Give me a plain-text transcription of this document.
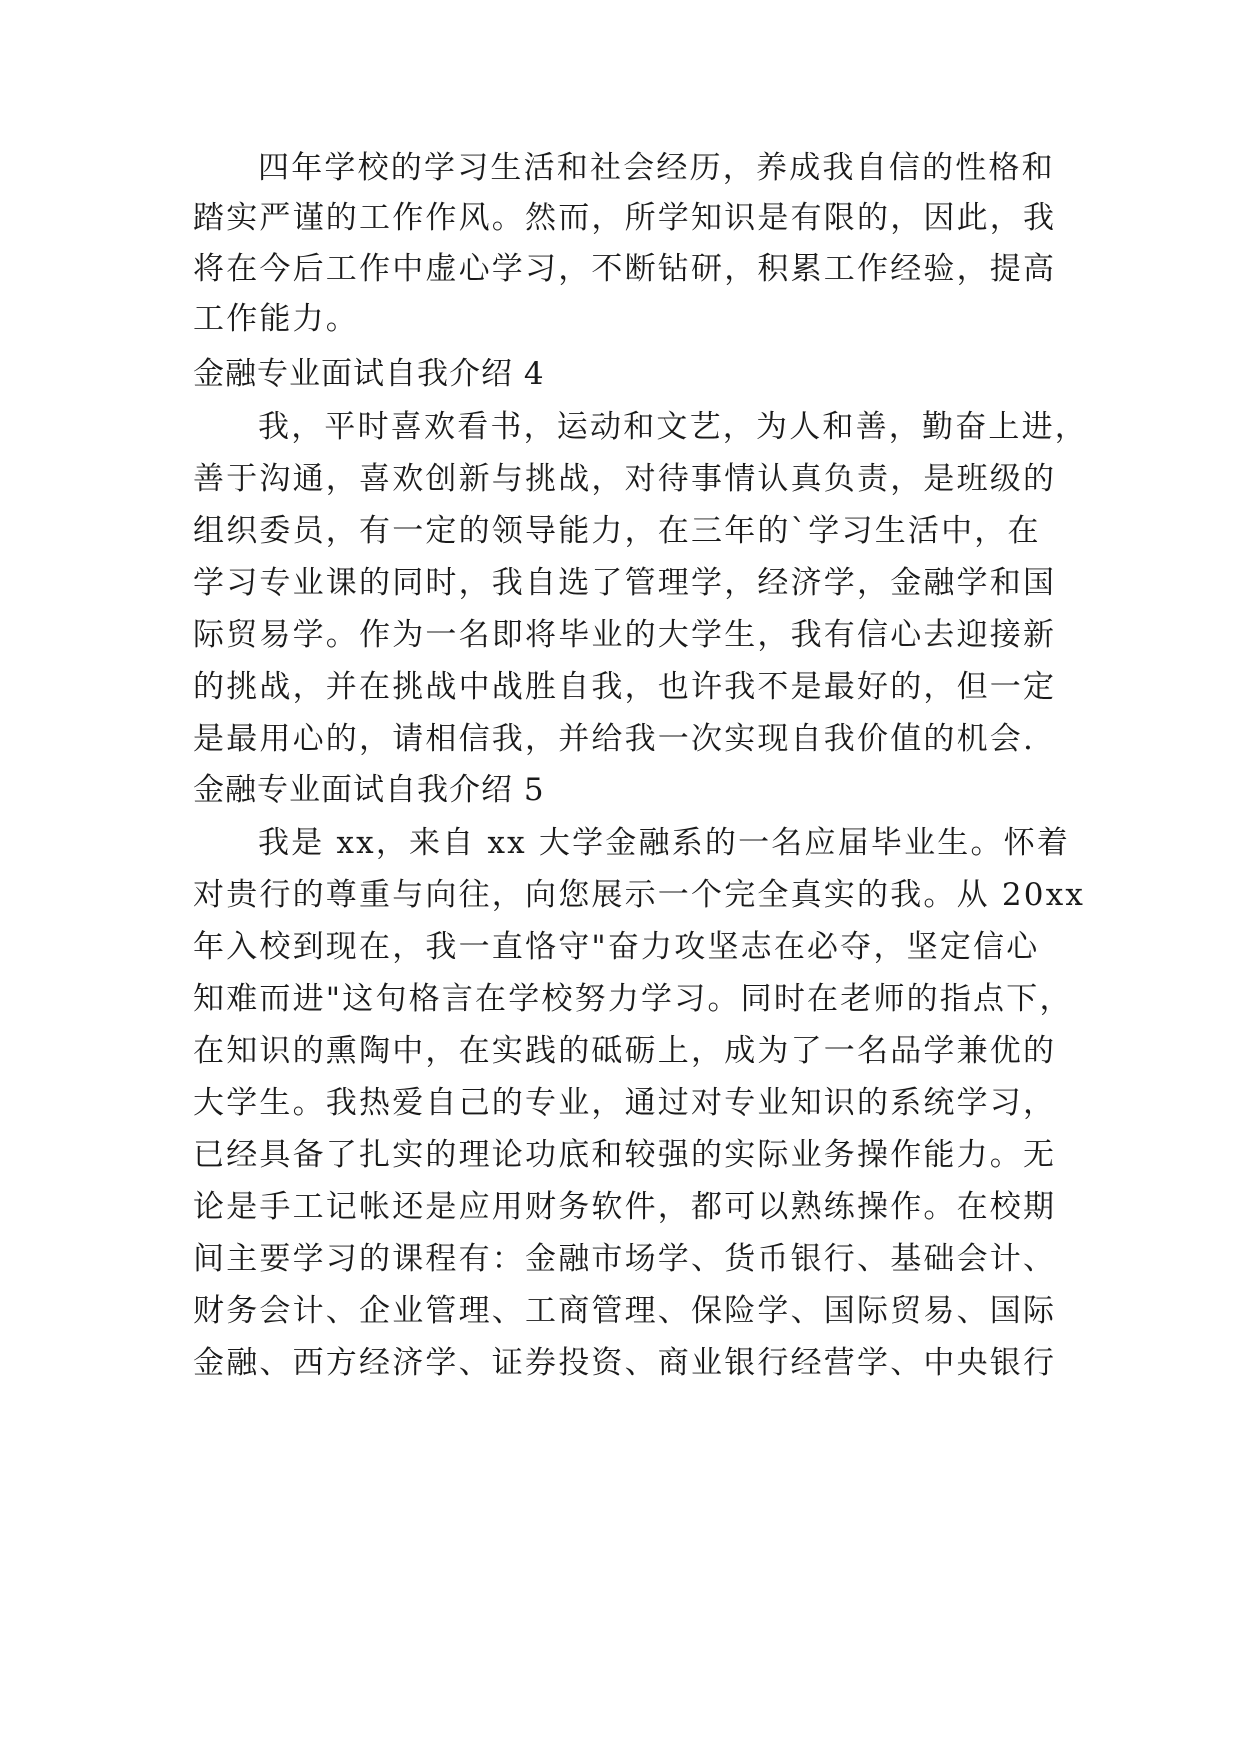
四年学校的学习生活和社会经历，养成我自信的性格和
踏实严谨的工作作风。然而，所学知识是有限的，因此，我
将在今后工作中虚心学习，不断钻研，积累工作经验，提高
工作能力。
金融专业面试自我介绍 4
我，平时喜欢看书，运动和文艺，为人和善，勤奋上进，
善于沟通，喜欢创新与挑战，对待事情认真负责，是班级的
组织委员，有一定的领导能力，在三年的`学习生活中，在
学习专业课的同时，我自选了管理学，经济学，金融学和国
际贸易学。作为一名即将毕业的大学生，我有信心去迎接新
的挑战，并在挑战中战胜自我，也许我不是最好的，但一定
是最用心的，请相信我，并给我一次实现自我价值的机会.
金融专业面试自我介绍 5
我是 xx，来自 xx 大学金融系的一名应届毕业生。怀着
对贵行的尊重与向往，向您展示一个完全真实的我。从 20xx
年入校到现在，我一直恪守"奋力攻坚志在必夺，坚定信心
知难而进"这句格言在学校努力学习。同时在老师的指点下，
在知识的熏陶中，在实践的砥砺上，成为了一名品学兼优的
大学生。我热爱自己的专业，通过对专业知识的系统学习，
已经具备了扎实的理论功底和较强的实际业务操作能力。无
论是手工记帐还是应用财务软件，都可以熟练操作。在校期
间主要学习的课程有：金融市场学、货币银行、基础会计、
财务会计、企业管理、工商管理、保险学、国际贸易、国际
金融、西方经济学、证券投资、商业银行经营学、中央银行
